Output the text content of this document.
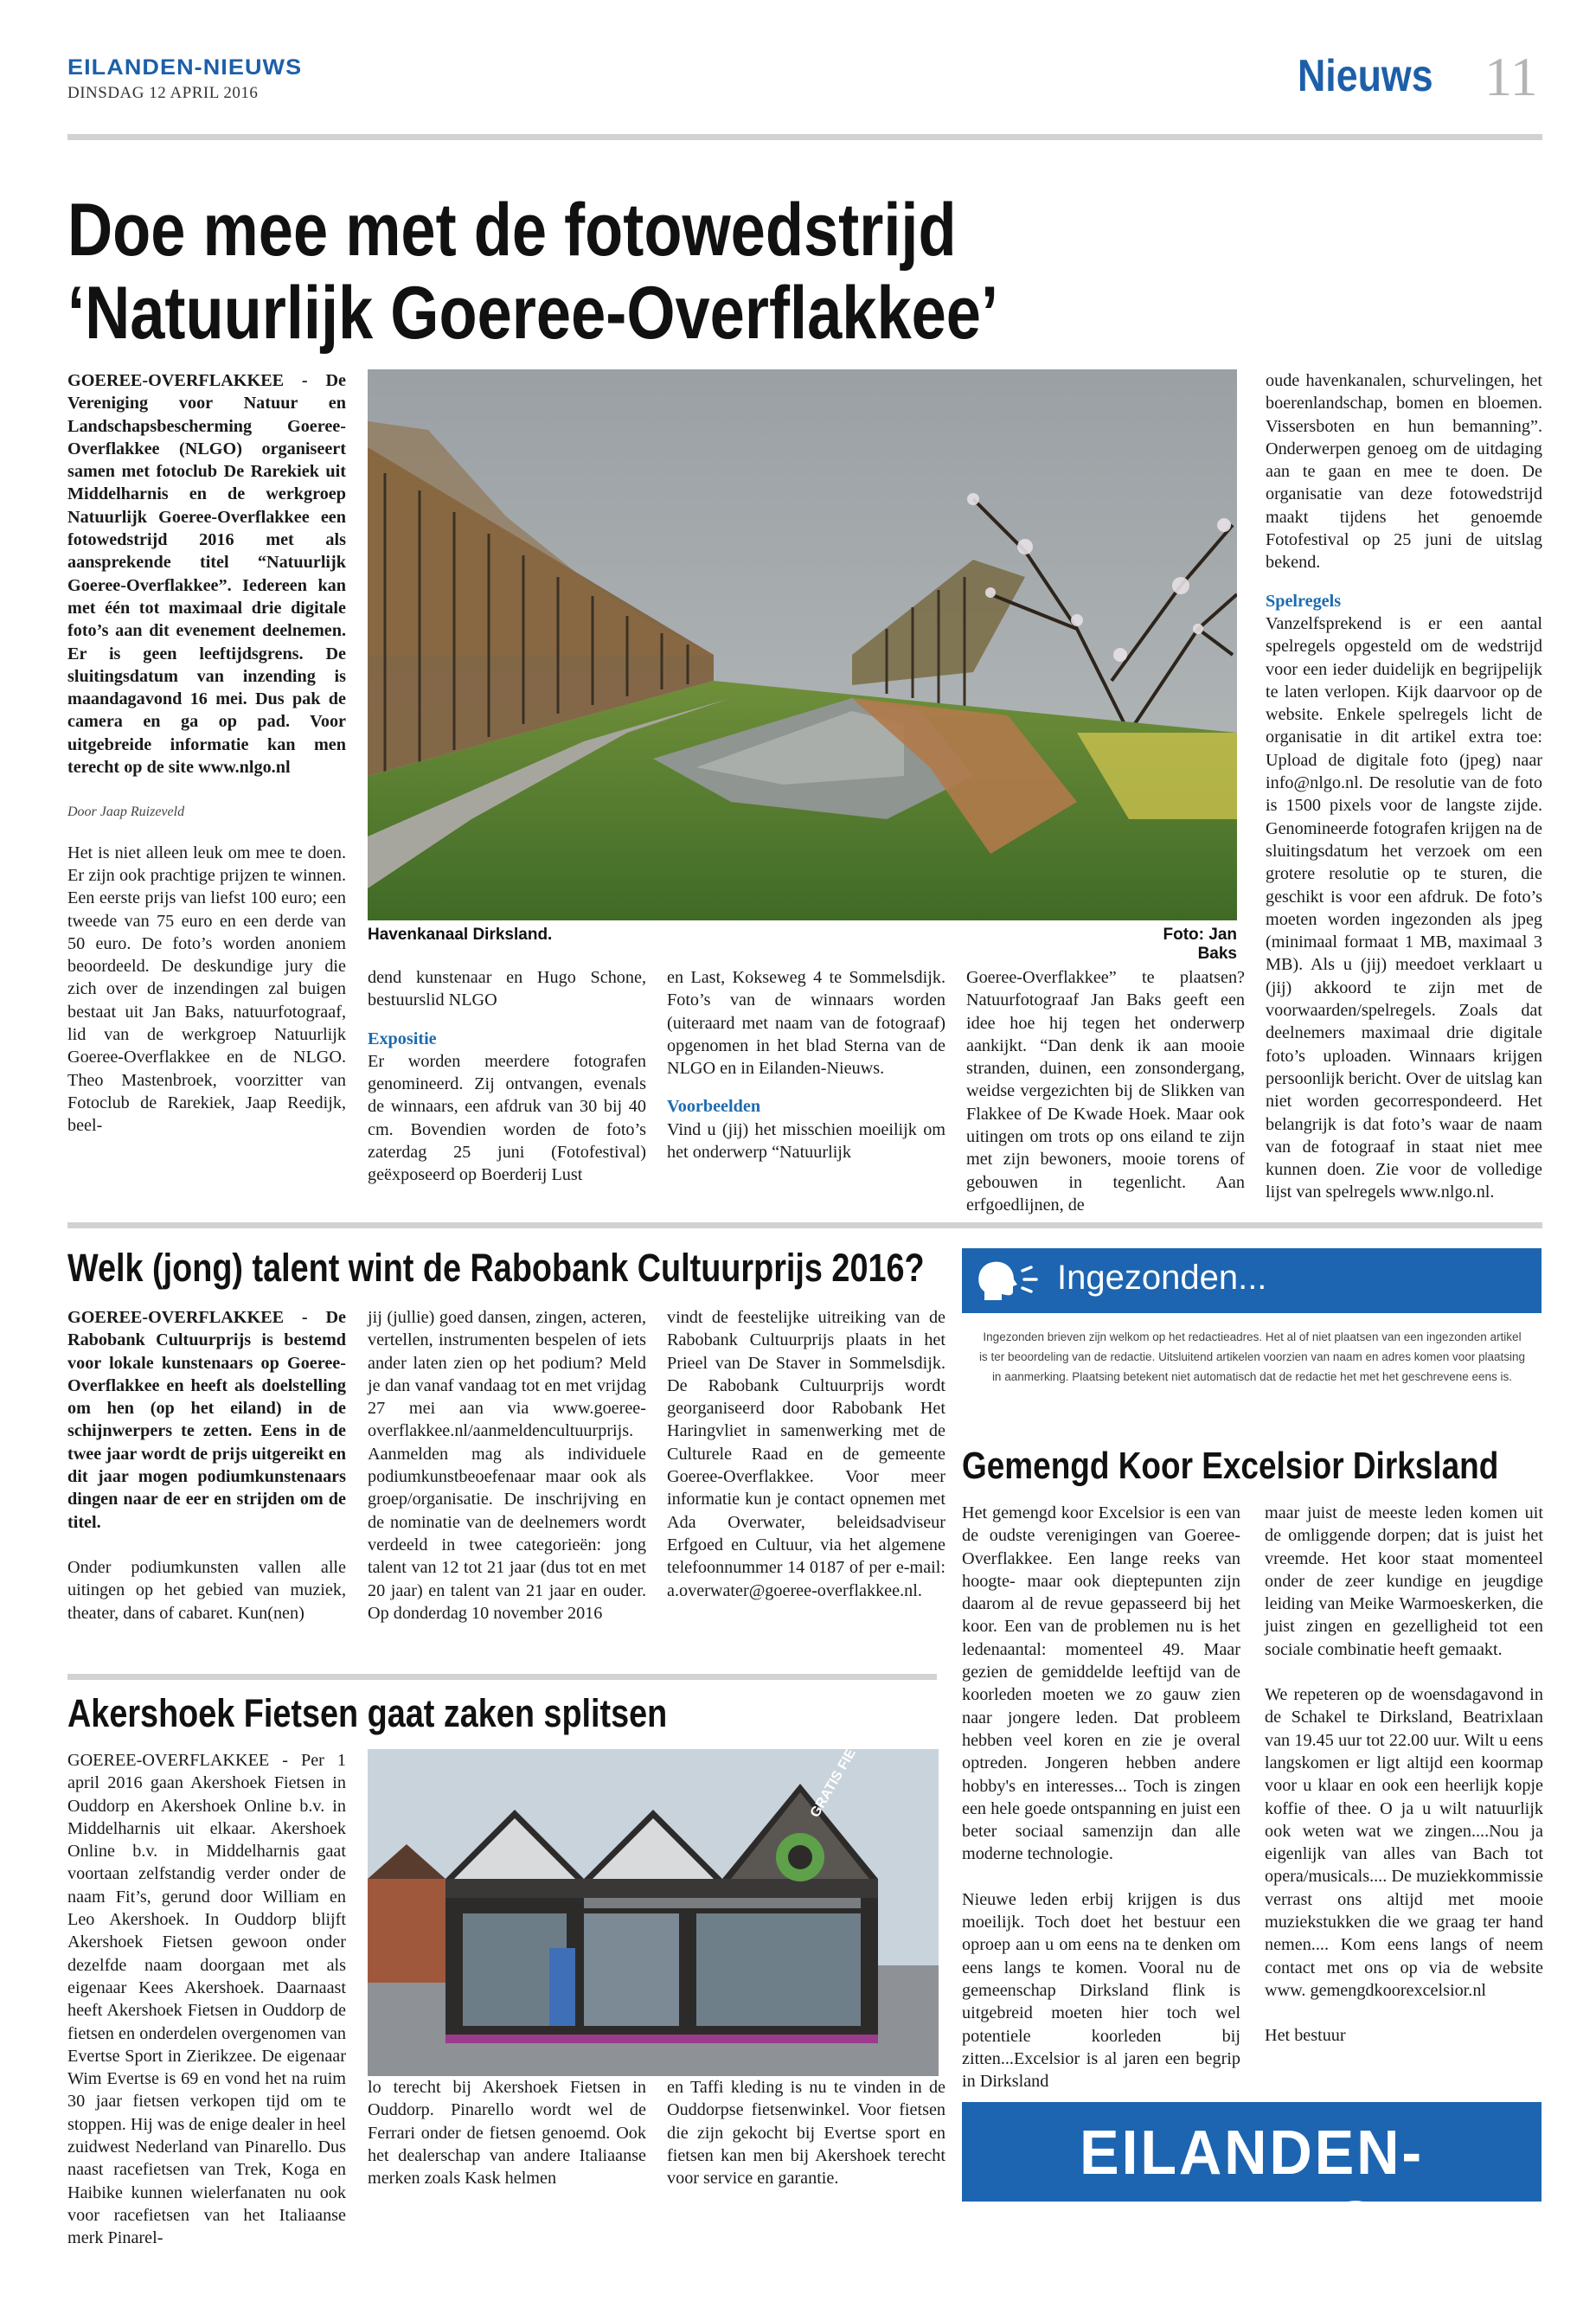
EILANDEN-NIEUWS
DINSDAG 12 APRIL 2016	Nieuws 11
Doe mee met de fotowedstrijd
‘Natuurlijk Goeree-Overflakkee’

GOEREE-OVERFLAKKEE - De Vereniging voor Natuur en Landschapsbescherming Goeree-Overflakkee (NLGO) organiseert samen met fotoclub De Rarekiek uit Middelharnis en de werkgroep Natuurlijk Goeree-Overflakkee een fotowedstrijd 2016 met als aansprekende titel “Natuurlijk Goeree-Overflakkee”. Iedereen kan met één tot maximaal drie digitale foto’s aan dit evenement deelnemen. Er is geen leeftijdsgrens. De sluitingsdatum van inzending is maandagavond 16 mei. Dus pak de camera en ga op pad. Voor uitgebreide informatie kan men terecht op de site www.nlgo.nl

Door Jaap Ruizeveld

Het is niet alleen leuk om mee te doen. Er zijn ook prachtige prijzen te winnen. Een eerste prijs van liefst 100 euro; een tweede van 75 euro en een derde van 50 euro. De foto’s worden anoniem beoordeeld. De deskundige jury die zich over de inzendingen zal buigen bestaat uit Jan Baks, natuurfotograaf, lid van de werkgroep Natuurlijk Goeree-Overflakkee en de NLGO. Theo Mastenbroek, voorzitter van Fotoclub de Rarekiek, Jaap Reedijk, beel-

Havenkanaal Dirksland.	Foto: Jan Baks

dend kunstenaar en Hugo Schone, bestuurslid NLGO

Expositie
Er worden meerdere fotografen genomineerd. Zij ontvangen, evenals de winnaars, een afdruk van 30 bij 40 cm. Bovendien worden de foto’s zaterdag 25 juni (Fotofestival) geëxposeerd op Boerderij Lust

en Last, Kokseweg 4 te Sommelsdijk. Foto’s van de winnaars worden (uiteraard met naam van de fotograaf) opgenomen in het blad Sterna van de NLGO en in Eilanden-Nieuws.

Voorbeelden
Vind u (jij) het misschien moeilijk om het onderwerp “Natuurlijk

Goeree-Overflakkee” te plaatsen? Natuurfotograaf Jan Baks geeft een idee hoe hij tegen het onderwerp aankijkt. “Dan denk ik aan mooie stranden, duinen, een zonsondergang, weidse vergezichten bij de Slikken van Flakkee of De Kwade Hoek. Maar ook uitingen om trots op ons eiland te zijn met zijn bewoners, mooie torens of gebouwen in tegenlicht. Aan erfgoedlijnen, de

oude havenkanalen, schurvelingen, het boerenlandschap, bomen en bloemen. Vissersboten en hun bemanning”. Onderwerpen genoeg om de uitdaging aan te gaan en mee te doen. De organisatie van deze fotowedstrijd maakt tijdens het genoemde Fotofestival op 25 juni de uitslag bekend.

Spelregels
Vanzelfsprekend is er een aantal spelregels opgesteld om de wedstrijd voor een ieder duidelijk en begrijpelijk te laten verlopen. Kijk daarvoor op de website. Enkele spelregels licht de organisatie in dit artikel extra toe: Upload de digitale foto (jpeg) naar info@nlgo.nl. De resolutie van de foto is 1500 pixels voor de langste zijde. Genomineerde fotografen krijgen na de sluitingsdatum het verzoek om een grotere resolutie op te sturen, die geschikt is voor een afdruk. De foto’s moeten worden ingezonden als jpeg (minimaal formaat 1 MB, maximaal 3 MB). Als u (jij) meedoet verklaart u (jij) akkoord te zijn met de voorwaarden/spelregels. Zoals dat deelnemers maximaal drie digitale foto’s uploaden. Winnaars krijgen persoonlijk bericht. Over de uitslag kan niet worden gecorrespondeerd. Het belangrijk is dat foto’s waar de naam van de fotograaf in staat niet mee kunnen doen. Zie voor de volledige lijst van spelregels www.nlgo.nl.

Welk (jong) talent wint de Rabobank Cultuurprijs 2016?

GOEREE-OVERFLAKKEE - De Rabobank Cultuurprijs is bestemd voor lokale kunstenaars op Goeree-Overflakkee en heeft als doelstelling om hen (op het eiland) in de schijnwerpers te zetten. Eens in de twee jaar wordt de prijs uitgereikt en dit jaar mogen podiumkunstenaars dingen naar de eer en strijden om de titel.

Onder podiumkunsten vallen alle uitingen op het gebied van muziek, theater, dans of cabaret. Kun(nen)

jij (jullie) goed dansen, zingen, acteren, vertellen, instrumenten bespelen of iets ander laten zien op het podium? Meld je dan vanaf vandaag tot en met vrijdag 27 mei aan via www.goeree-overflakkee.nl/aanmeldencultuurprijs. Aanmelden mag als individuele podiumkunstbeoefenaar maar ook als groep/organisatie. De inschrijving en de nominatie van de deelnemers wordt verdeeld in twee categorieën: jong talent van 12 tot 21 jaar (dus tot en met 20 jaar) en talent van 21 jaar en ouder. Op donderdag 10 november 2016

vindt de feestelijke uitreiking van de Rabobank Cultuurprijs plaats in het Prieel van De Staver in Sommelsdijk. De Rabobank Cultuurprijs wordt georganiseerd door Rabobank Het Haringvliet in samenwerking met de Culturele Raad en de gemeente Goeree-Overflakkee. Voor meer informatie kun je contact opnemen met Ada Overwater, beleidsadviseur Erfgoed en Cultuur, via het algemene telefoonnummer 14 0187 of per e-mail: a.overwater@goeree-overflakkee.nl.

Akershoek Fietsen gaat zaken splitsen

GOEREE-OVERFLAKKEE - Per 1 april 2016 gaan Akershoek Fietsen in Ouddorp en Akershoek Online b.v. in Middelharnis uit elkaar. Akershoek Online b.v. in Middelharnis gaat voortaan zelfstandig verder onder de naam Fit’s, gerund door William en Leo Akershoek. In Ouddorp blijft Akershoek Fietsen gewoon onder dezelfde naam doorgaan met als eigenaar Kees Akershoek. Daarnaast heeft Akershoek Fietsen in Ouddorp de fietsen en onderdelen overgenomen van Evertse Sport in Zierikzee. De eigenaar Wim Evertse is 69 en vond het na ruim 30 jaar fietsen verkopen tijd om te stoppen. Hij was de enige dealer in heel zuidwest Nederland van Pinarello. Dus naast racefietsen van Trek, Koga en Haibike kunnen wielerfanaten nu ook voor racefietsen van het Italiaanse merk Pinarel-

lo terecht bij Akershoek Fietsen in Ouddorp. Pinarello wordt wel de Ferrari onder de fietsen genoemd. Ook het dealerschap van andere Italiaanse merken zoals Kask helmen

en Taffi kleding is nu te vinden in de Ouddorpse fietsenwinkel. Voor fietsen die zijn gekocht bij Evertse sport en fietsen kan men bij Akershoek terecht voor service en garantie.

Ingezonden...
Ingezonden brieven zijn welkom op het redactieadres. Het al of niet plaatsen van een ingezonden artikel is ter beoordeling van de redactie. Uitsluitend artikelen voorzien van naam en adres komen voor plaatsing in aanmerking. Plaatsing betekent niet automatisch dat de redactie het met het geschrevene eens is.
Gemengd Koor Excelsior Dirksland

Het gemengd koor Excelsior is een van de oudste verenigingen van Goeree-Overflakkee. Een lange reeks van hoogte- maar ook dieptepunten zijn daarom al de revue gepasseerd bij het koor. Een van de problemen nu is het ledenaantal: momenteel 49. Maar gezien de gemiddelde leeftijd van de koorleden moeten we zo gauw zien naar jongere leden. Dat probleem hebben veel koren en zie je overal optreden. Jongeren hebben andere hobby's en interesses... Toch is zingen een hele goede ontspanning en juist een beter sociaal samenzijn dan alle moderne technologie.

Nieuwe leden erbij krijgen is dus moeilijk. Toch doet het bestuur een oproep aan u om eens na te denken om eens langs te komen. Vooral nu de gemeenschap Dirksland flink is uitgebreid moeten hier toch wel potentiele koorleden bij zitten...Excelsior is al jaren een begrip in Dirksland

maar juist de meeste leden komen uit de omliggende dorpen; dat is juist het vreemde. Het koor staat momenteel onder de zeer kundige en jeugdige leiding van Meike Warmoeskerken, die juist zingen en gezelligheid tot een sociale combinatie heeft gemaakt.

We repeteren op de woensdagavond in de Schakel te Dirksland, Beatrixlaan van 19.45 uur tot 22.00 uur. Wilt u eens langskomen er ligt altijd een koormap voor u klaar en ook een heerlijk kopje koffie of thee. O ja u wilt natuurlijk ook weten wat we zingen....Nou ja eigenlijk van alles van Bach tot opera/musicals.... De muziekkommissie verrast ons altijd met mooie muziekstukken die we graag ter hand nemen.... Kom eens langs of neem contact met ons op via de website www. gemengdkoorexcelsior.nl

Het bestuur

EILANDEN-NIEUWS
